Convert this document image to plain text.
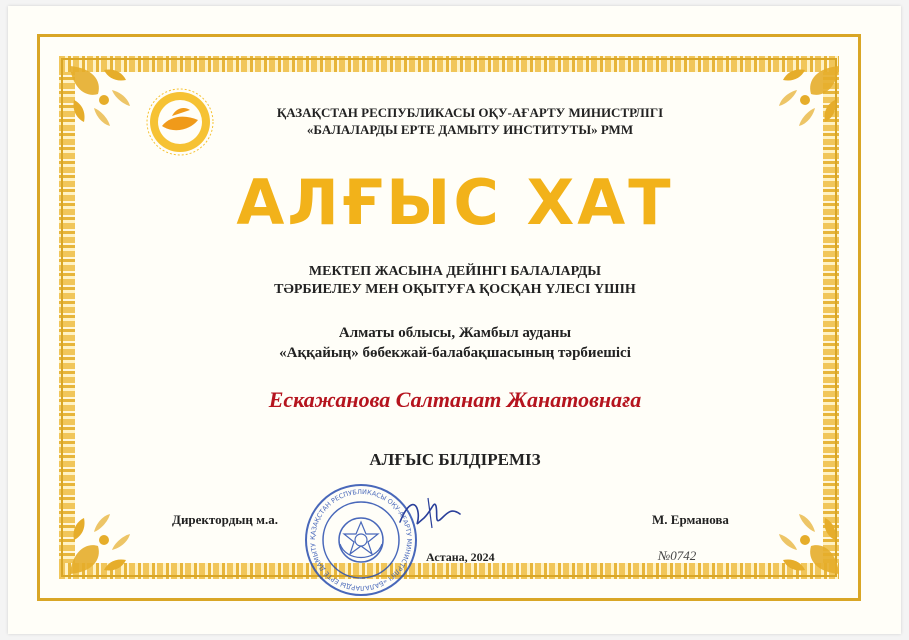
ҚАЗАҚСТАН РЕСПУБЛИКАСЫ ОҚУ-АҒАРТУ МИНИСТРЛІГІ
«БАЛАЛАРДЫ ЕРТЕ ДАМЫТУ ИНСТИТУТЫ» РММ
АЛҒЫС ХАТ
МЕКТЕП ЖАСЫНА ДЕЙІНГІ БАЛАЛАРДЫ
ТӘРБИЕЛЕУ МЕН ОҚЫТУҒА ҚОСҚАН ҮЛЕСІ ҮШІН
Алматы облысы, Жамбыл ауданы
«Аққайың» бөбекжай-балабақшасының тәрбиешісі
Ескажанова Салтанат Жанатовнаға
АЛҒЫС БІЛДІРЕМІЗ
Директордың м.а.	М. Ерманова
ҚАЗАҚСТАН РЕСПУБЛИКАСЫ ОҚУ-АҒАРТУ МИНИСТРЛІГІ «БАЛАЛАРДЫ ЕРТЕ ДАМЫТУ
Астана, 2024	№0742
